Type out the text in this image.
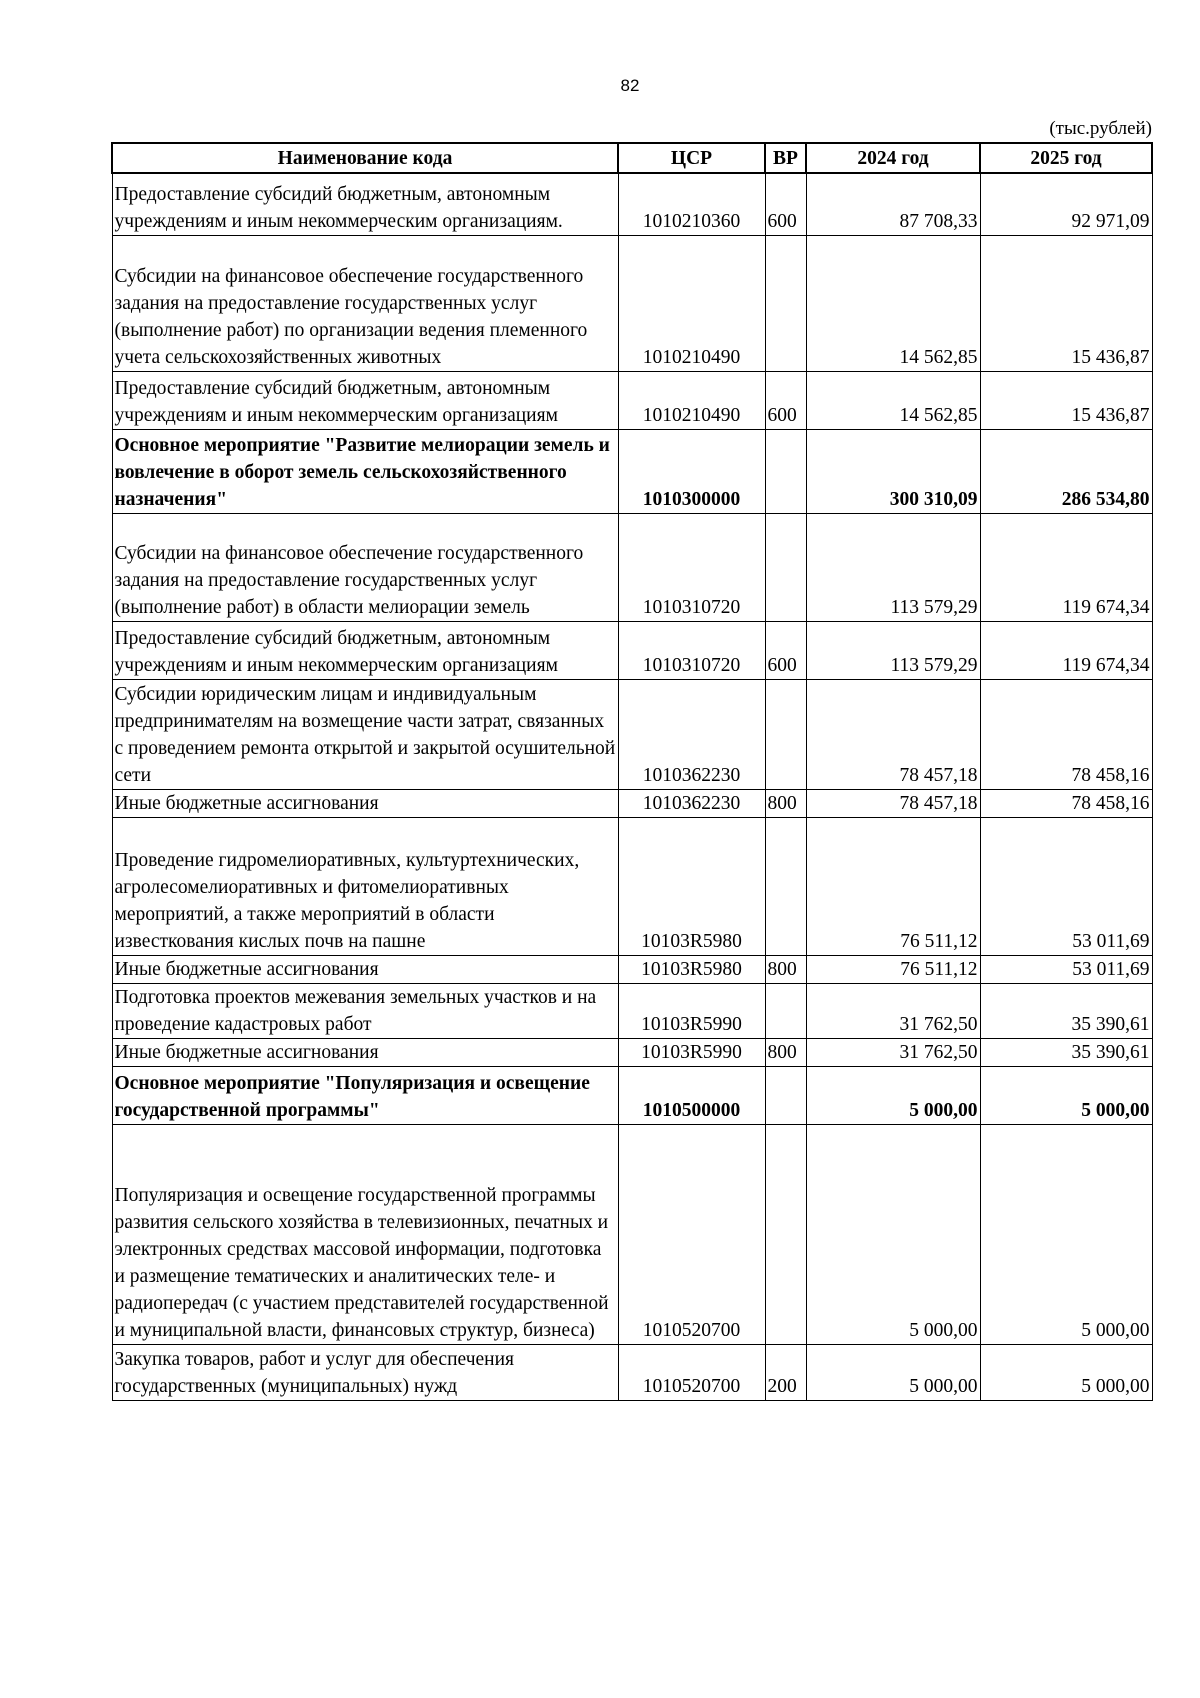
82
(тыс.рублей)
Наименование кода	ЦСР	ВР	2024 год	2025 год
Предоставление субсидий бюджетным, автономным учреждениям и иным некоммерческим организациям.	1010210360	600	87 708,33	92 971,09
Субсидии на финансовое обеспечение государственного задания на предоставление государственных услуг (выполнение работ) по организации ведения племенного учета сельскохозяйственных животных	1010210490		14 562,85	15 436,87
Предоставление субсидий бюджетным, автономным учреждениям и иным некоммерческим организациям	1010210490	600	14 562,85	15 436,87
Основное мероприятие "Развитие мелиорации земель и вовлечение в оборот земель сельскохозяйственного назначения"	1010300000		300 310,09	286 534,80
Субсидии на финансовое обеспечение государственного задания на предоставление государственных услуг (выполнение работ) в области мелиорации земель	1010310720		113 579,29	119 674,34
Предоставление субсидий бюджетным, автономным учреждениям и иным некоммерческим организациям	1010310720	600	113 579,29	119 674,34
Субсидии юридическим лицам и индивидуальным предпринимателям на возмещение части затрат, связанных с проведением ремонта открытой и закрытой осушительной сети	1010362230		78 457,18	78 458,16
Иные бюджетные ассигнования	1010362230	800	78 457,18	78 458,16
Проведение гидромелиоративных, культуртехнических, агролесомелиоративных и фитомелиоративных мероприятий, а также мероприятий в области известкования кислых почв на пашне	10103R5980		76 511,12	53 011,69
Иные бюджетные ассигнования	10103R5980	800	76 511,12	53 011,69
Подготовка проектов межевания земельных участков и на проведение кадастровых работ	10103R5990		31 762,50	35 390,61
Иные бюджетные ассигнования	10103R5990	800	31 762,50	35 390,61
Основное мероприятие "Популяризация и освещение государственной программы"	1010500000		5 000,00	5 000,00
Популяризация и освещение государственной программы развития сельского хозяйства в телевизионных, печатных и электронных средствах массовой информации, подготовка и размещение тематических и аналитических теле- и радиопередач (с участием представителей государственной и муниципальной власти, финансовых структур, бизнеса)	1010520700		5 000,00	5 000,00
Закупка товаров, работ и услуг для обеспечения государственных (муниципальных) нужд	1010520700	200	5 000,00	5 000,00
